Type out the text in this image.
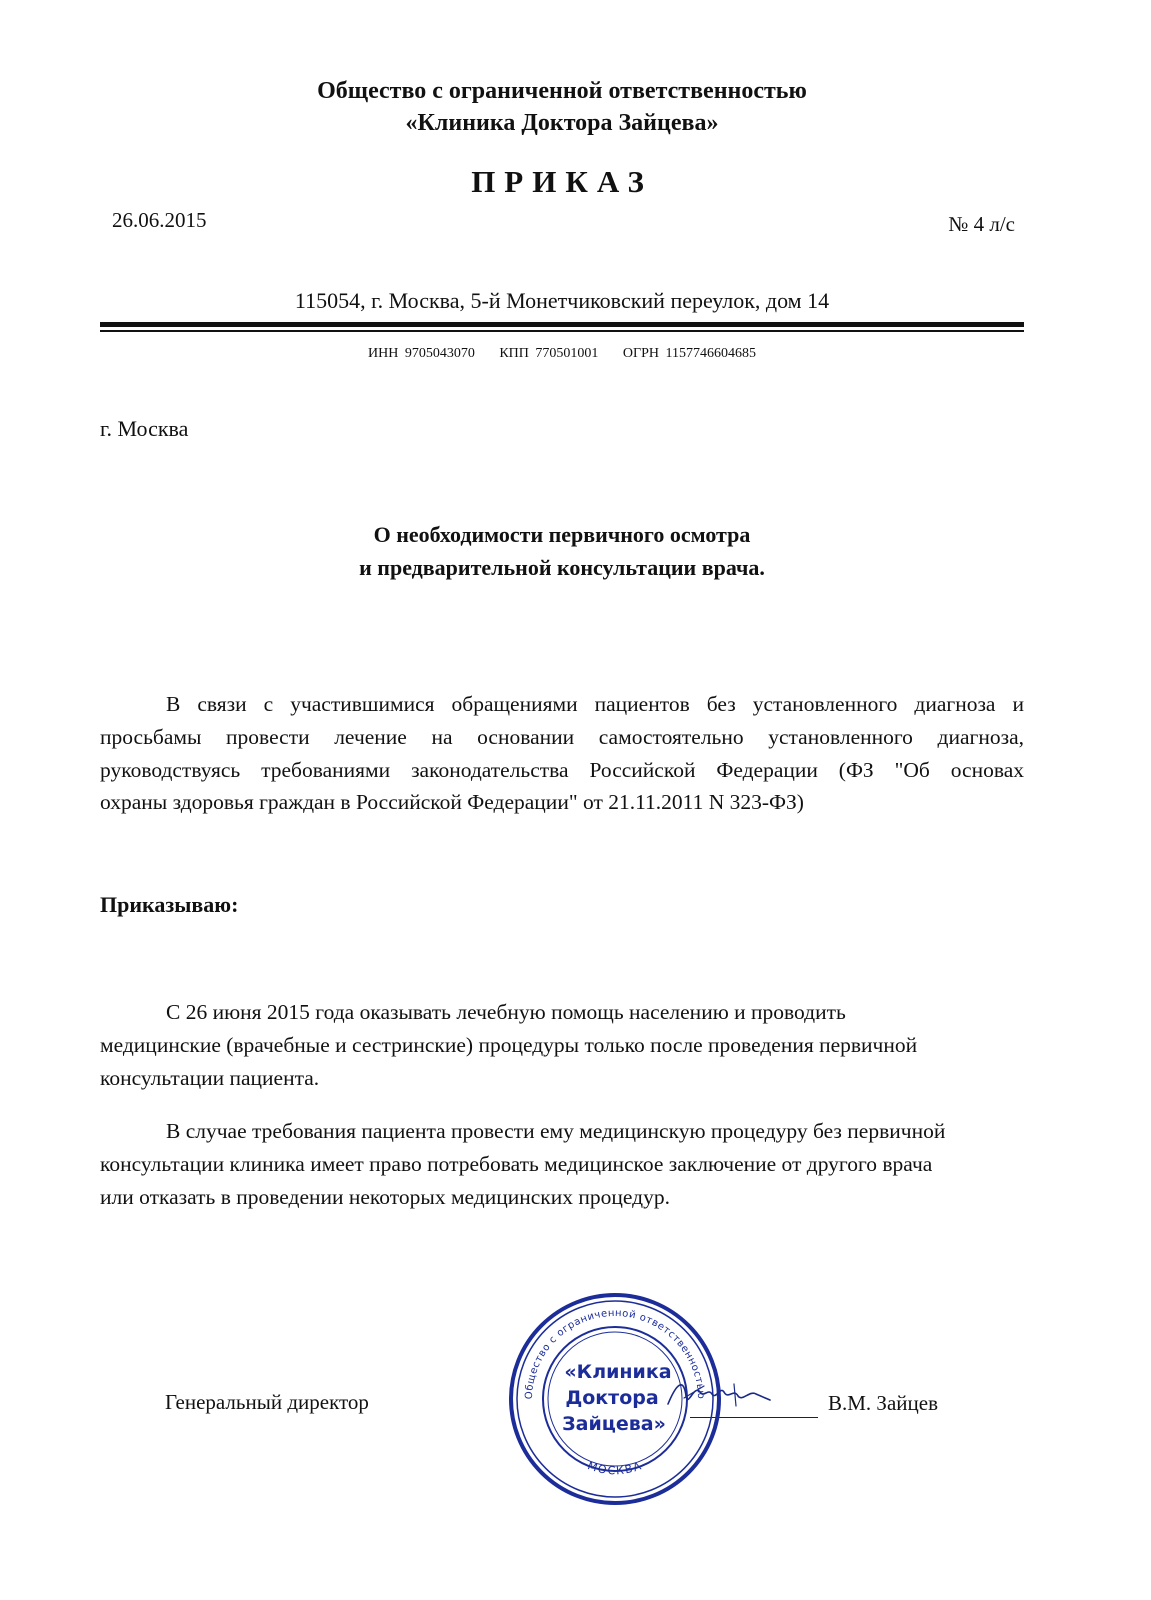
Общество с ограниченной ответственностью
«Клиника Доктора Зайцева»
ПРИКАЗ
26.06.2015	№ 4 л/с
115054, г. Москва, 5-й Монетчиковский переулок, дом 14
ИНН 9705043070 КПП 770501001 ОГРН 1157746604685
г. Москва
О необходимости первичного осмотра
и предварительной консультации врача.
В связи с участившимися обращениями пациентов без установленного диагноза и
просьбамы провести лечение на основании самостоятельно установленного диагноза,
руководствуясь требованиями законодательства Российской Федерации (ФЗ "Об основах
охраны здоровья граждан в Российской Федерации" от 21.11.2011 N 323-ФЗ)
Приказываю:
С 26 июня 2015 года оказывать лечебную помощь населению и проводить
медицинские (врачебные и сестринские) процедуры только после проведения первичной
консультации пациента.
В случае требования пациента провести ему медицинскую процедуру без первичной
консультации клиника имеет право потребовать медицинское заключение от другого врача
или отказать в проведении некоторых медицинских процедур.
Генеральный директор	В.М. Зайцев
Общество с ограниченной ответственностью
МОСКВА
«Клиника
Доктора
Зайцева»
